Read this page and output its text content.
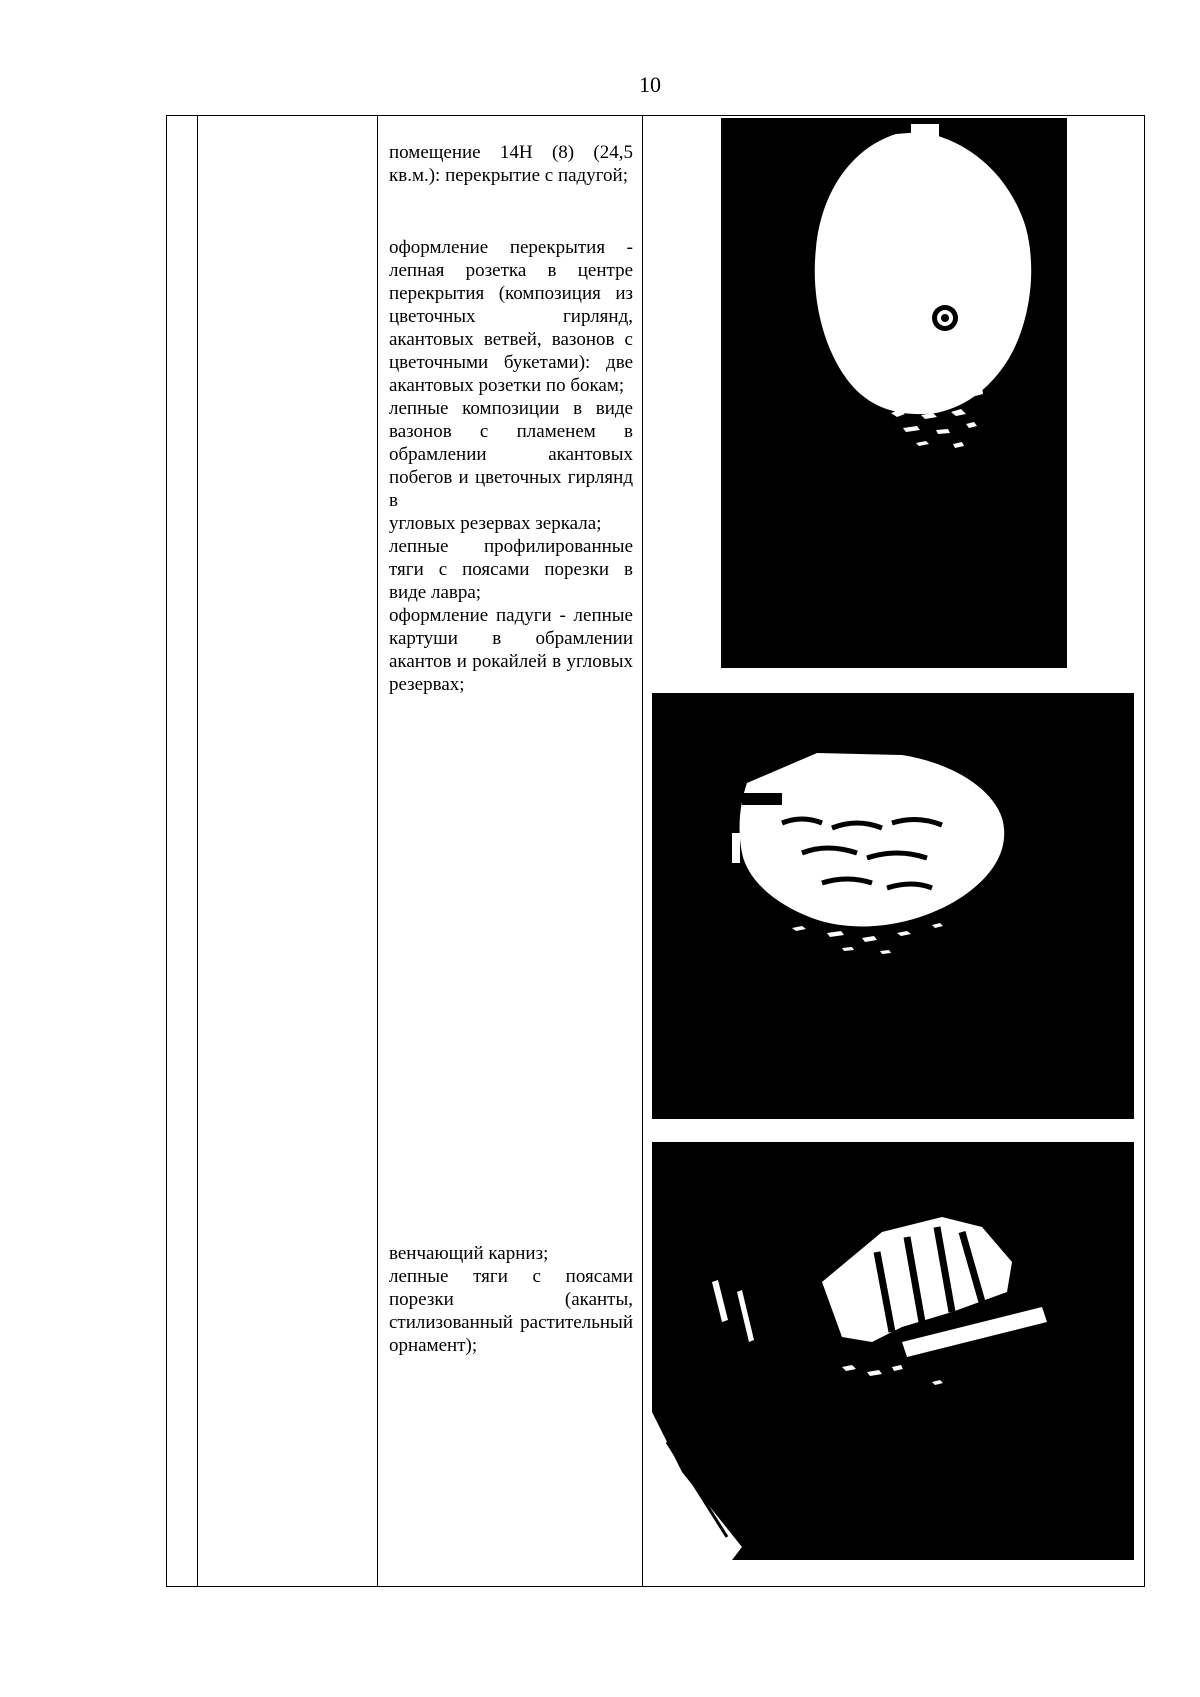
10
помещение 14Н (8) (24,5 кв.м.): перекрытие с падугой;
оформление перекрытия - лепная розетка в центре перекрытия (композиция из цветочных гирлянд, акантовых ветвей, вазонов с цветочными букетами): две акантовых розетки по бокам;
лепные композиции в виде вазонов с пламенем в обрамлении акантовых побегов и цветочных гирлянд в
угловых резервах зеркала;
лепные профилированные тяги с поясами порезки в виде лавра;
оформление падуги - лепные картуши в обрамлении акантов и рокайлей в угловых резервах;
венчающий карниз;
лепные тяги с поясами порезки (аканты, стилизованный растительный орнамент);
